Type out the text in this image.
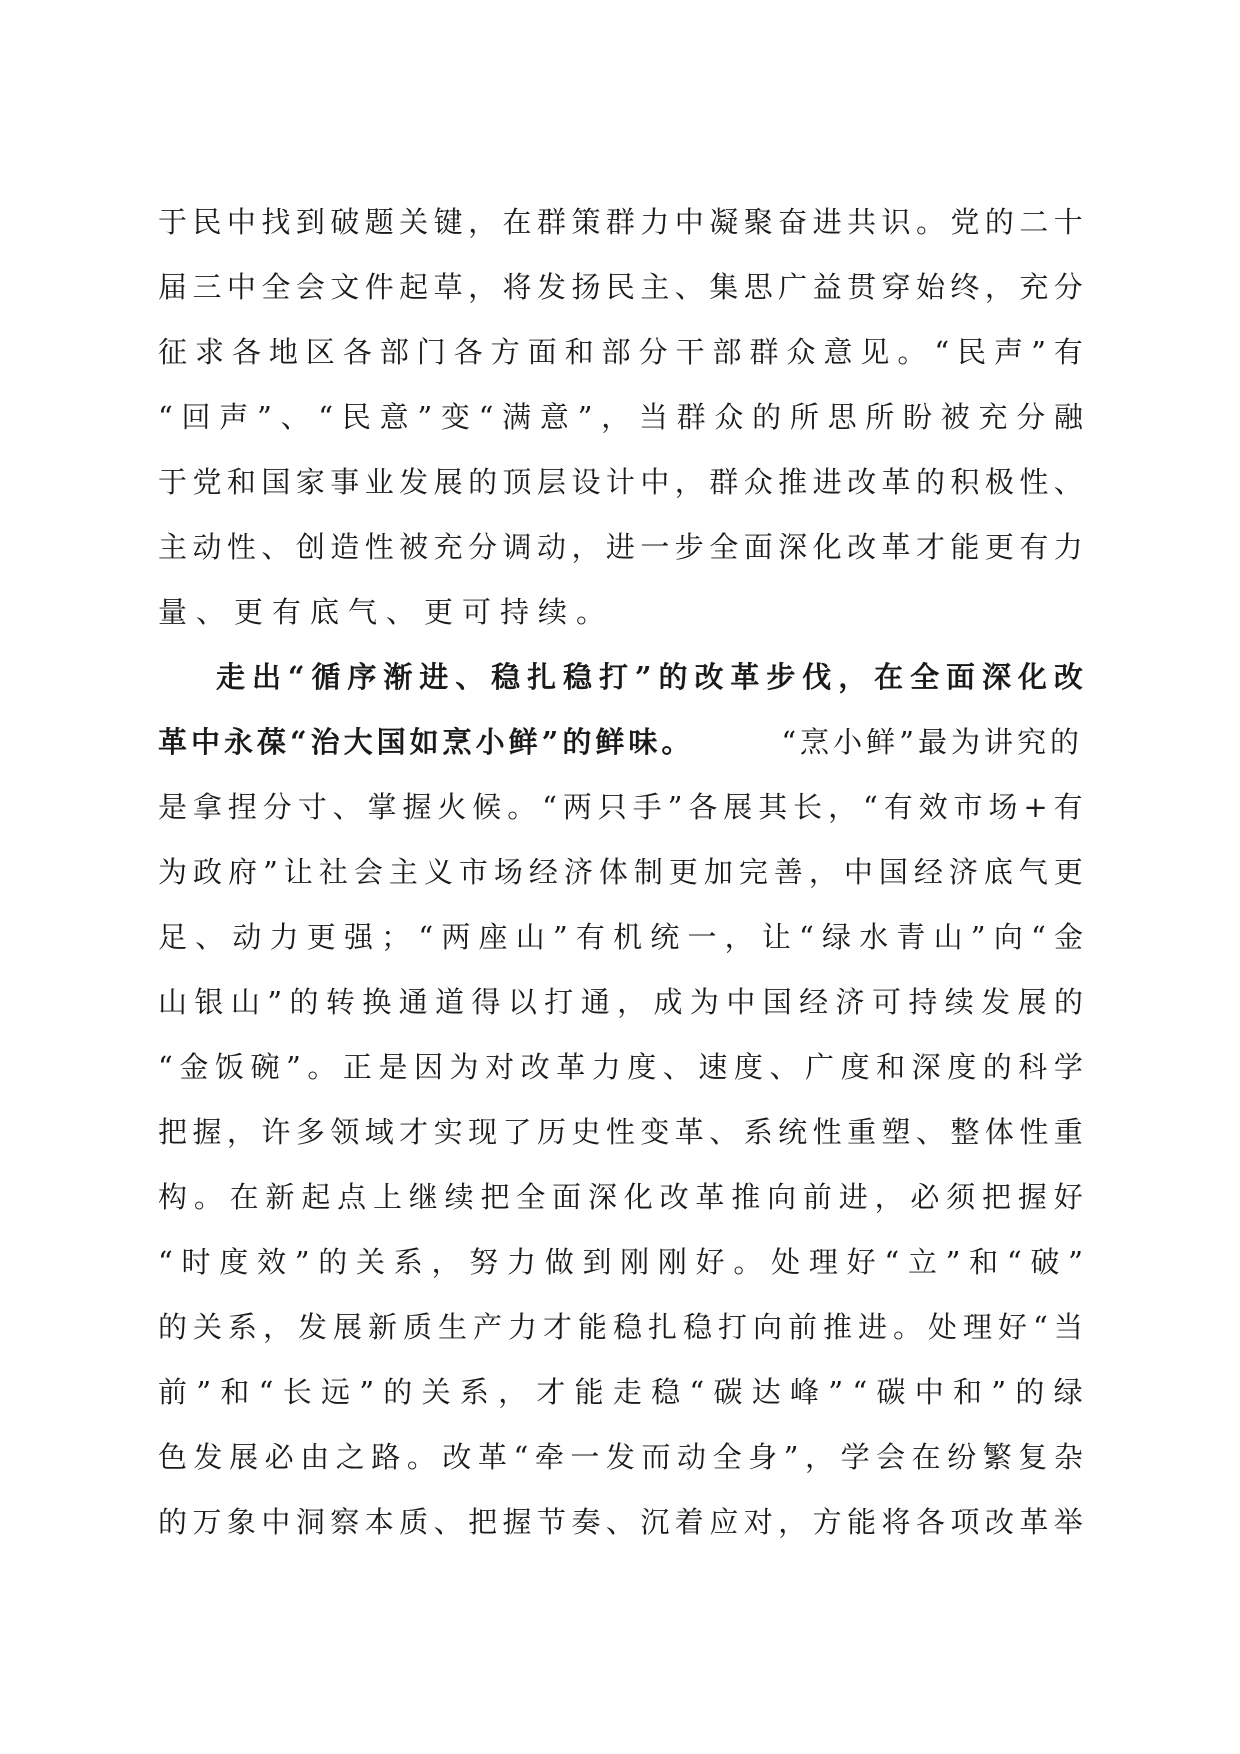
于 民 中 找 到 破 题 关 键 ， 在 群 策 群 力 中 凝 聚 奋 进 共 识 。 党 的 二 十
届 三 中 全 会 文 件 起 草 ， 将 发 扬 民 主 、 集 思 广 益 贯 穿 始 终 ， 充 分
征 求 各 地 区 各 部 门 各 方 面 和 部 分 干 部 群 众 意 见 。 “ 民 声 ” 有
“ 回 声 ” 、 “ 民 意 ” 变 “ 满 意 ” ， 当 群 众 的 所 思 所 盼 被 充 分 融
于 党 和 国 家 事 业 发 展 的 顶 层 设 计 中 ， 群 众 推 进 改 革 的 积 极 性 、
主 动 性 、 创 造 性 被 充 分 调 动 ， 进 一 步 全 面 深 化 改 革 才 能 更 有 力
量、更有底气、更可持续。
走 出 “ 循 序 渐 进 、 稳 扎 稳 打 ” 的 改 革 步 伐 ， 在 全 面 深 化 改
革中永葆“治大国如烹小鲜”的鲜味。	“烹小鲜”最为讲究的
是 拿 捏 分 寸 、 掌 握 火 候 。 “ 两 只 手 ” 各 展 其 长 ， “ 有 效 市 场 + 有
为 政 府 ” 让 社 会 主 义 市 场 经 济 体 制 更 加 完 善 ， 中 国 经 济 底 气 更
足 、 动 力 更 强 ； “ 两 座 山 ” 有 机 统 一 ， 让 “ 绿 水 青 山 ” 向 “ 金
山 银 山 ” 的 转 换 通 道 得 以 打 通 ， 成 为 中 国 经 济 可 持 续 发 展 的
“ 金 饭 碗 ” 。 正 是 因 为 对 改 革 力 度 、 速 度 、 广 度 和 深 度 的 科 学
把 握 ， 许 多 领 域 才 实 现 了 历 史 性 变 革 、 系 统 性 重 塑 、 整 体 性 重
构 。 在 新 起 点 上 继 续 把 全 面 深 化 改 革 推 向 前 进 ， 必 须 把 握 好
“ 时 度 效 ” 的 关 系 ， 努 力 做 到 刚 刚 好 。 处 理 好 “ 立 ” 和 “ 破 ”
的 关 系 ， 发 展 新 质 生 产 力 才 能 稳 扎 稳 打 向 前 推 进 。 处 理 好 “ 当
前 ” 和 “ 长 远 ” 的 关 系 ， 才 能 走 稳 “ 碳 达 峰 ” “ 碳 中 和 ” 的 绿
色 发 展 必 由 之 路 。 改 革 “ 牵 一 发 而 动 全 身 ” ， 学 会 在 纷 繁 复 杂
的 万 象 中 洞 察 本 质 、 把 握 节 奏 、 沉 着 应 对 ， 方 能 将 各 项 改 革 举
